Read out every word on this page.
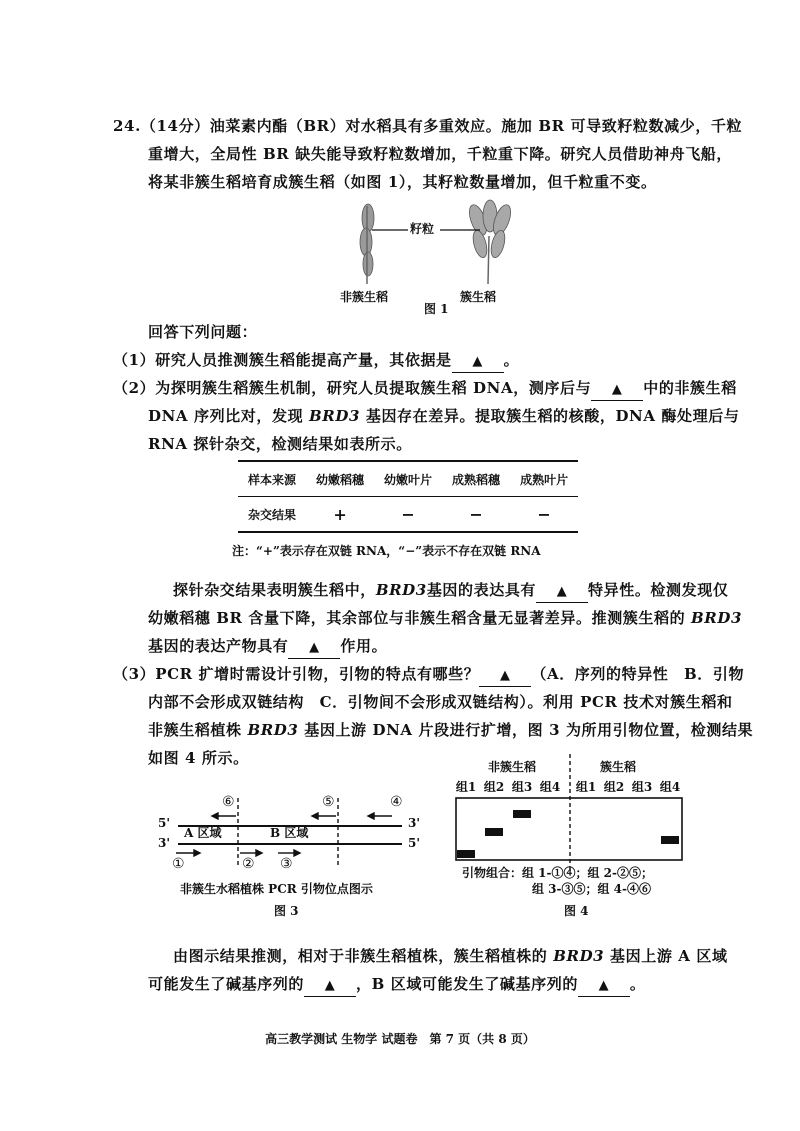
24.（14分）油菜素内酯（BR）对水稻具有多重效应。施加 BR 可导致籽粒数减少，千粒
重增大，全局性 BR 缺失能导致籽粒数增加，千粒重下降。研究人员借助神舟飞船，
将某非簇生稻培育成簇生稻（如图 1），其籽粒数量增加，但千粒重不变。
籽粒
非簇生稻	簇生稻
图 1
回答下列问题：
（1）研究人员推测簇生稻能提高产量，其依据是 ▲ 。
（2）为探明簇生稻簇生机制，研究人员提取簇生稻 DNA，测序后与 ▲ 中的非簇生稻
DNA 序列比对，发现 BRD3 基因存在差异。提取簇生稻的核酸，DNA 酶处理后与
RNA 探针杂交，检测结果如表所示。
样本来源	幼嫩稻穗	幼嫩叶片	成熟稻穗	成熟叶片
杂交结果	+	−	−	−
注：“+”表示存在双链 RNA，“−”表示不存在双链 RNA
探针杂交结果表明簇生稻中，BRD3基因的表达具有 ▲ 特异性。检测发现仅
幼嫩稻穗 BR 含量下降，其余部位与非簇生稻含量无显著差异。推测簇生稻的 BRD3
基因的表达产物具有 ▲ 作用。
（3）PCR 扩增时需设计引物，引物的特点有哪些？ ▲ （A．序列的特异性　B．引物
内部不会形成双链结构　C．引物间不会形成双链结构）。利用 PCR 技术对簇生稻和
非簇生稻植株 BRD3 基因上游 DNA 片段进行扩增，图 3 为所用引物位置，检测结果
如图 4 所示。
5'	3'
3'	5'
A 区域	B 区域
⑥	⑤	④
①	② ③
非簇生水稻植株 PCR 引物位点图示
图 3
非簇生稻	簇生稻
组1 组2 组3 组4	组1 组2 组3 组4
引物组合：组 1-①④；组 2-②⑤；
组 3-③⑤；组 4-④⑥
图 4
由图示结果推测，相对于非簇生稻植株，簇生稻植株的 BRD3 基因上游 A 区域
可能发生了碱基序列的 ▲ ，B 区域可能发生了碱基序列的 ▲ 。
高三教学测试 生物学 试题卷　第 7 页（共 8 页）
